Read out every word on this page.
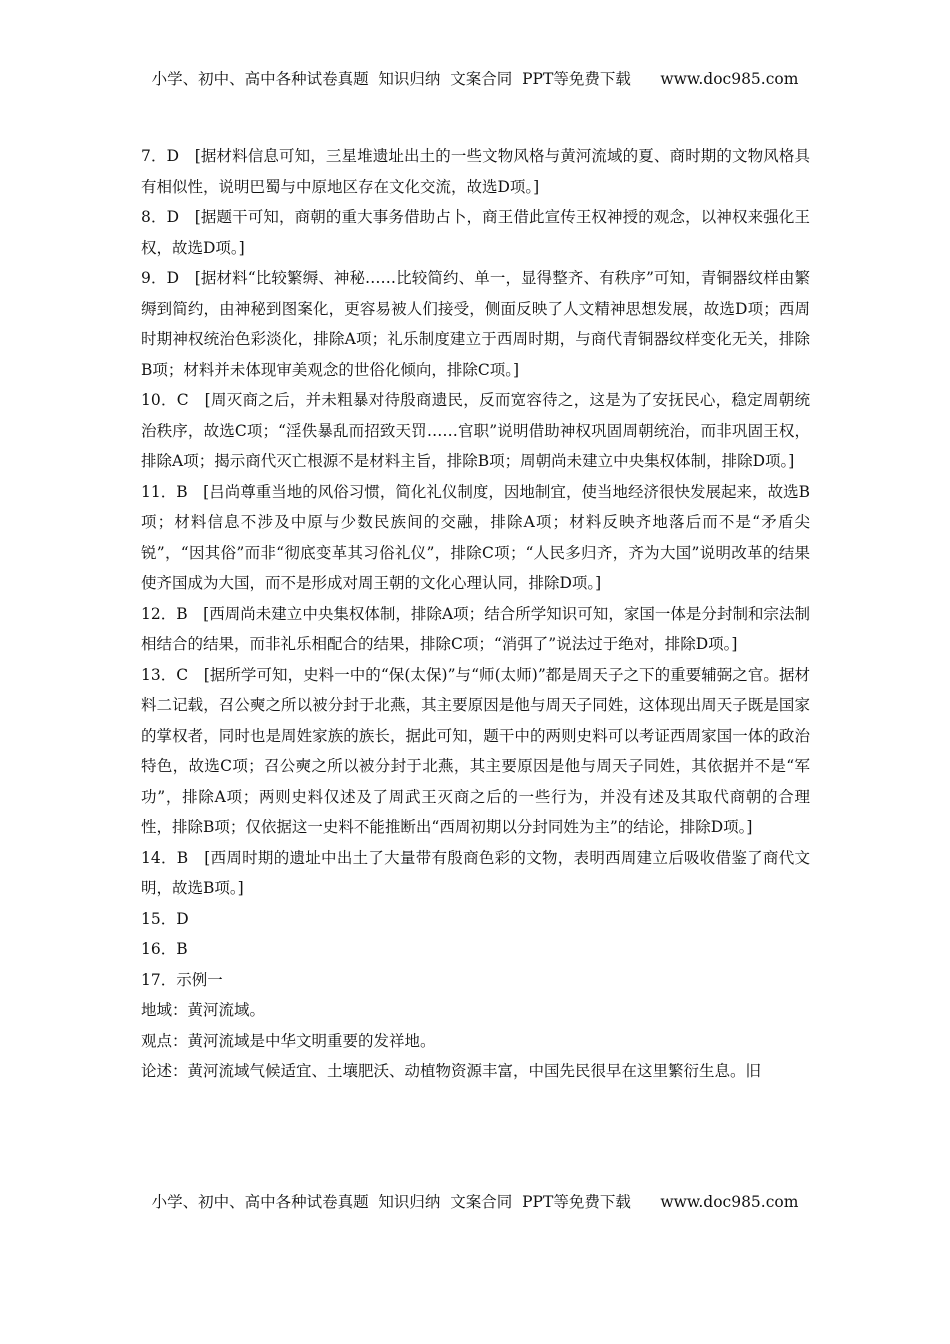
小学、初中、高中各种试卷真题  知识归纳  文案合同  PPT等免费下载      www.doc985.com

7．D　[据材料信息可知，三星堆遗址出土的一些文物风格与黄河流域的夏、商时期的文物风格具有相似性，说明巴蜀与中原地区存在文化交流，故选D项。]

8．D　[据题干可知，商朝的重大事务借助占卜，商王借此宣传王权神授的观念，以神权来强化王权，故选D项。]

9．D　[据材料“比较繁缛、神秘……比较简约、单一，显得整齐、有秩序”可知，青铜器纹样由繁缛到简约，由神秘到图案化，更容易被人们接受，侧面反映了人文精神思想发展，故选D项；西周时期神权统治色彩淡化，排除A项；礼乐制度建立于西周时期，与商代青铜器纹样变化无关，排除B项；材料并未体现审美观念的世俗化倾向，排除C项。]

10．C　[周灭商之后，并未粗暴对待殷商遗民，反而宽容待之，这是为了安抚民心，稳定周朝统治秩序，故选C项；“淫佚暴乱而招致天罚……官职”说明借助神权巩固周朝统治，而非巩固王权，排除A项；揭示商代灭亡根源不是材料主旨，排除B项；周朝尚未建立中央集权体制，排除D项。]

11．B　[吕尚尊重当地的风俗习惯，简化礼仪制度，因地制宜，使当地经济很快发展起来，故选B项；材料信息不涉及中原与少数民族间的交融，排除A项；材料反映齐地落后而不是“矛盾尖锐”，“因其俗”而非“彻底变革其习俗礼仪”，排除C项；“人民多归齐，齐为大国”说明改革的结果使齐国成为大国，而不是形成对周王朝的文化心理认同，排除D项。]

12．B　[西周尚未建立中央集权体制，排除A项；结合所学知识可知，家国一体是分封制和宗法制相结合的结果，而非礼乐相配合的结果，排除C项；“消弭了”说法过于绝对，排除D项。]

13．C　[据所学可知，史料一中的“保(太保)”与“师(太师)”都是周天子之下的重要辅弼之官。据材料二记载，召公奭之所以被分封于北燕，其主要原因是他与周天子同姓，这体现出周天子既是国家的掌权者，同时也是周姓家族的族长，据此可知，题干中的两则史料可以考证西周家国一体的政治特色，故选C项；召公奭之所以被分封于北燕，其主要原因是他与周天子同姓，其依据并不是“军功”，排除A项；两则史料仅述及了周武王灭商之后的一些行为，并没有述及其取代商朝的合理性，排除B项；仅依据这一史料不能推断出“西周初期以分封同姓为主”的结论，排除D项。]

14．B　[西周时期的遗址中出土了大量带有殷商色彩的文物，表明西周建立后吸收借鉴了商代文明，故选B项。]

15．D

16．B

17．示例一

地域：黄河流域。

观点：黄河流域是中华文明重要的发祥地。

论述：黄河流域气候适宜、土壤肥沃、动植物资源丰富，中国先民很早在这里繁衍生息。旧

小学、初中、高中各种试卷真题  知识归纳  文案合同  PPT等免费下载      www.doc985.com
